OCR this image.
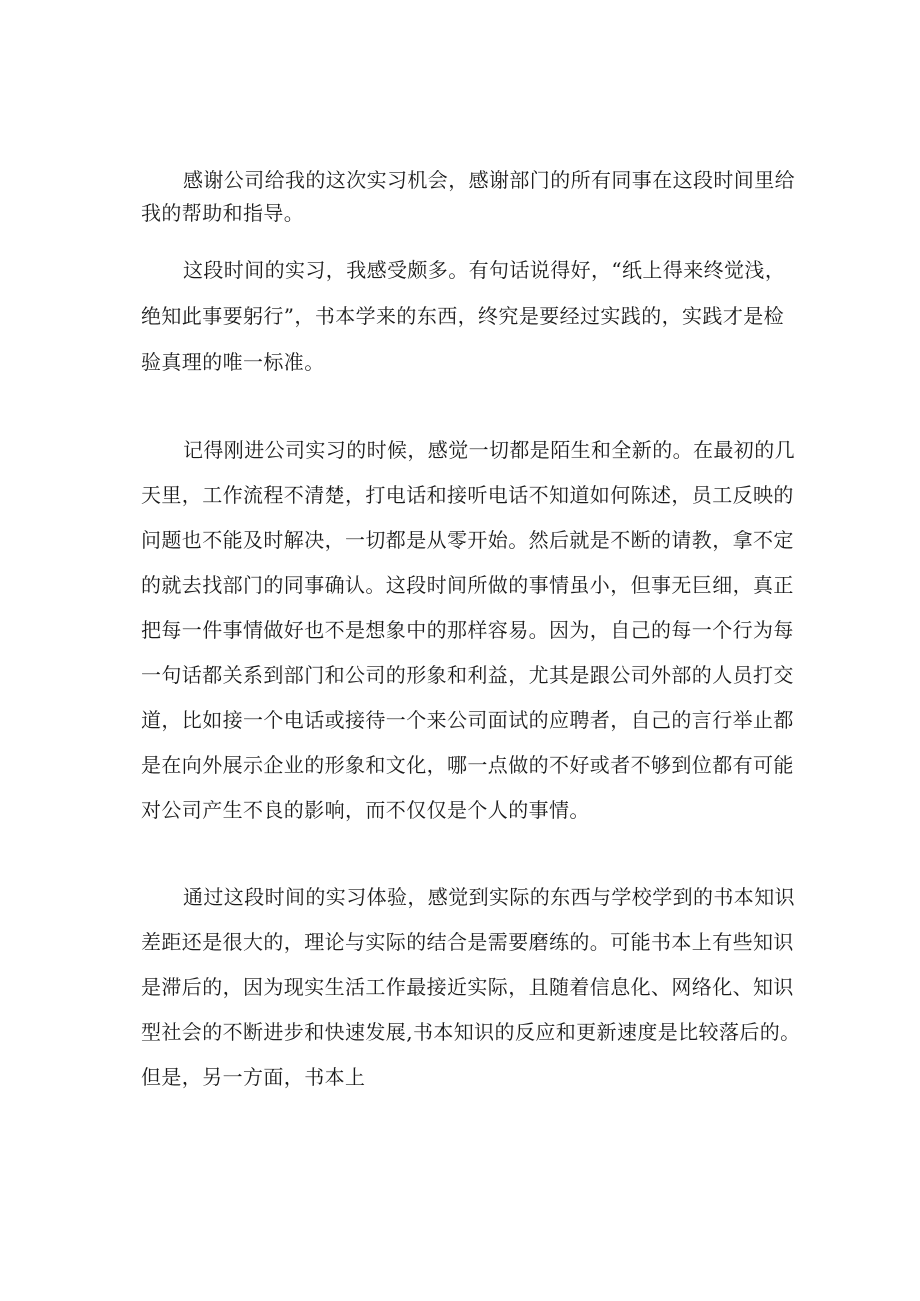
感谢公司给我的这次实习机会，感谢部门的所有同事在这段时间里给
我的帮助和指导。
这段时间的实习，我感受颇多。有句话说得好，“纸上得来终觉浅，
绝知此事要躬行”，书本学来的东西，终究是要经过实践的，实践才是检
验真理的唯一标准。
记得刚进公司实习的时候，感觉一切都是陌生和全新的。在最初的几
天里，工作流程不清楚，打电话和接听电话不知道如何陈述，员工反映的
问题也不能及时解决，一切都是从零开始。然后就是不断的请教，拿不定
的就去找部门的同事确认。这段时间所做的事情虽小，但事无巨细，真正
把每一件事情做好也不是想象中的那样容易。因为，自己的每一个行为每
一句话都关系到部门和公司的形象和利益，尤其是跟公司外部的人员打交
道，比如接一个电话或接待一个来公司面试的应聘者，自己的言行举止都
是在向外展示企业的形象和文化，哪一点做的不好或者不够到位都有可能
对公司产生不良的影响，而不仅仅是个人的事情。
通过这段时间的实习体验，感觉到实际的东西与学校学到的书本知识
差距还是很大的，理论与实际的结合是需要磨练的。可能书本上有些知识
是滞后的，因为现实生活工作最接近实际，且随着信息化、网络化、知识
型社会的不断进步和快速发展,书本知识的反应和更新速度是比较落后的。
但是，另一方面，书本上
